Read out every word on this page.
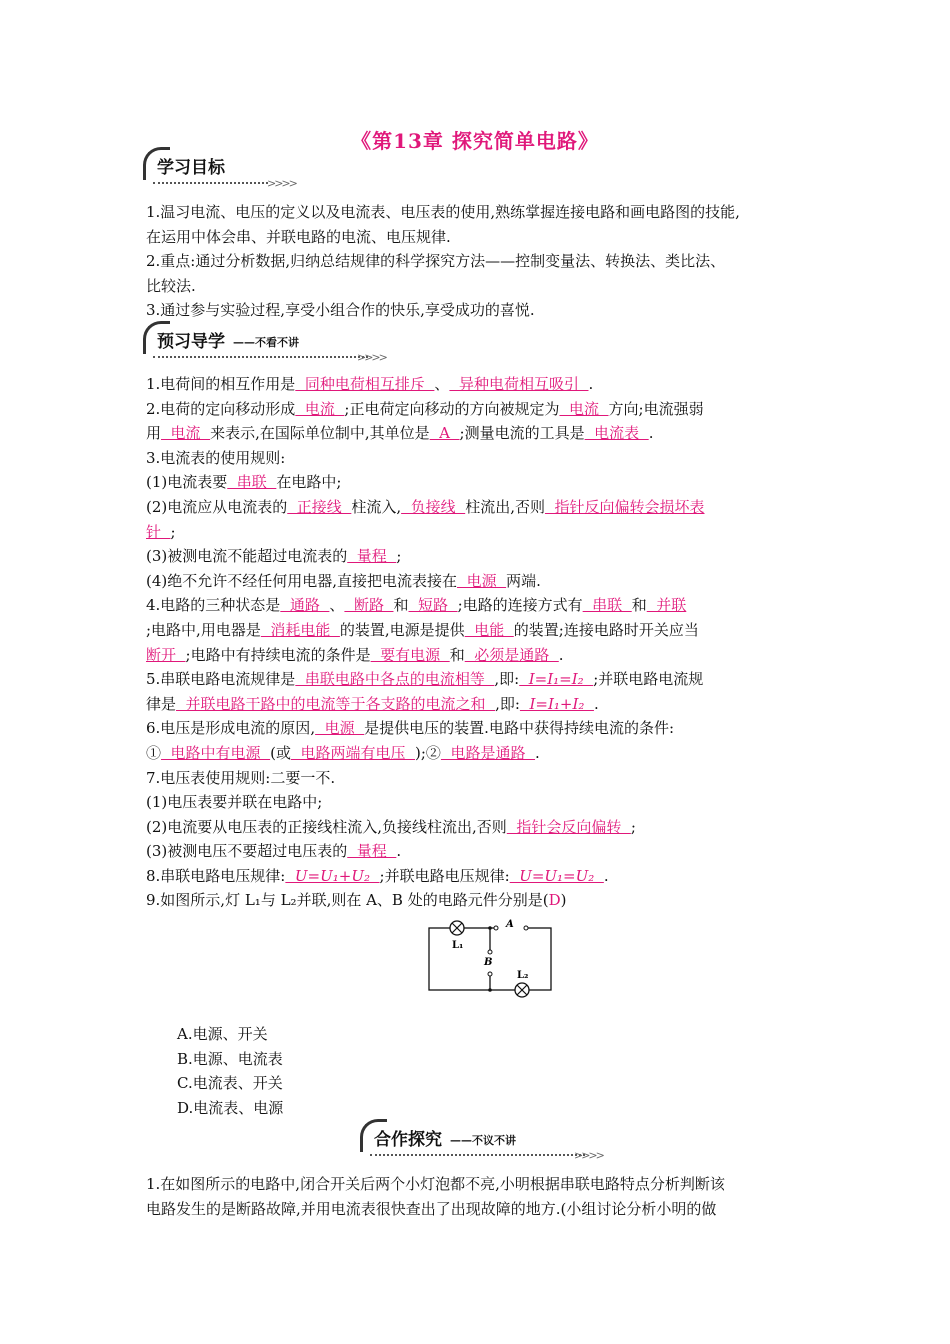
《第13章 探究简单电路》
学习目标
>>>>

1.温习电流、电压的定义以及电流表、电压表的使用,熟练掌握连接电路和画电路图的技能,

在运用中体会串、并联电路的电流、电压规律.

2.重点:通过分析数据,归纳总结规律的科学探究方法——控制变量法、转换法、类比法、

比较法.

3.通过参与实验过程,享受小组合作的快乐,享受成功的喜悦.

预习导学 ——不看不讲
>>>>

1.电荷间的相互作用是  同种电荷相互排斥  、  异种电荷相互吸引  .

2.电荷的定向移动形成  电流  ;正电荷定向移动的方向被规定为  电流  方向;电流强弱

用  电流  来表示,在国际单位制中,其单位是  A  ;测量电流的工具是  电流表  .

3.电流表的使用规则:

(1)电流表要  串联  在电路中;

(2)电流应从电流表的  正接线  柱流入,  负接线  柱流出,否则  指针反向偏转会损坏表

针  ;

(3)被测电流不能超过电流表的  量程  ;

(4)绝不允许不经任何用电器,直接把电流表接在  电源  两端.

4.电路的三种状态是  通路  、  断路  和  短路  ;电路的连接方式有  串联  和  并联

;电路中,用电器是  消耗电能  的装置,电源是提供  电能  的装置;连接电路时开关应当

断开  ;电路中有持续电流的条件是  要有电源  和  必须是通路  .

5.串联电路电流规律是  串联电路中各点的电流相等  ,即:  I=I₁=I₂  ;并联电路电流规

律是  并联电路干路中的电流等于各支路的电流之和  ,即:  I=I₁+I₂  .

6.电压是形成电流的原因,  电源  是提供电压的装置.电路中获得持续电流的条件:

①  电路中有电源  (或  电路两端有电压  );②  电路是通路  .

7.电压表使用规则:二要一不.

(1)电压表要并联在电路中;

(2)电流要从电压表的正接线柱流入,负接线柱流出,否则  指针会反向偏转  ;

(3)被测电压不要超过电压表的  量程  .

8.串联电路电压规律:  U=U₁+U₂  ;并联电路电压规律:  U=U₁=U₂  .

9.如图所示,灯 L₁与 L₂并联,则在 A、B 处的电路元件分别是(D)

L₁
L₂
A
B

A.电源、开关

B.电源、电流表

C.电流表、开关

D.电流表、电源

合作探究 ——不议不讲
>>>>

1.在如图所示的电路中,闭合开关后两个小灯泡都不亮,小明根据串联电路特点分析判断该

电路发生的是断路故障,并用电流表很快查出了出现故障的地方.(小组讨论分析小明的做
